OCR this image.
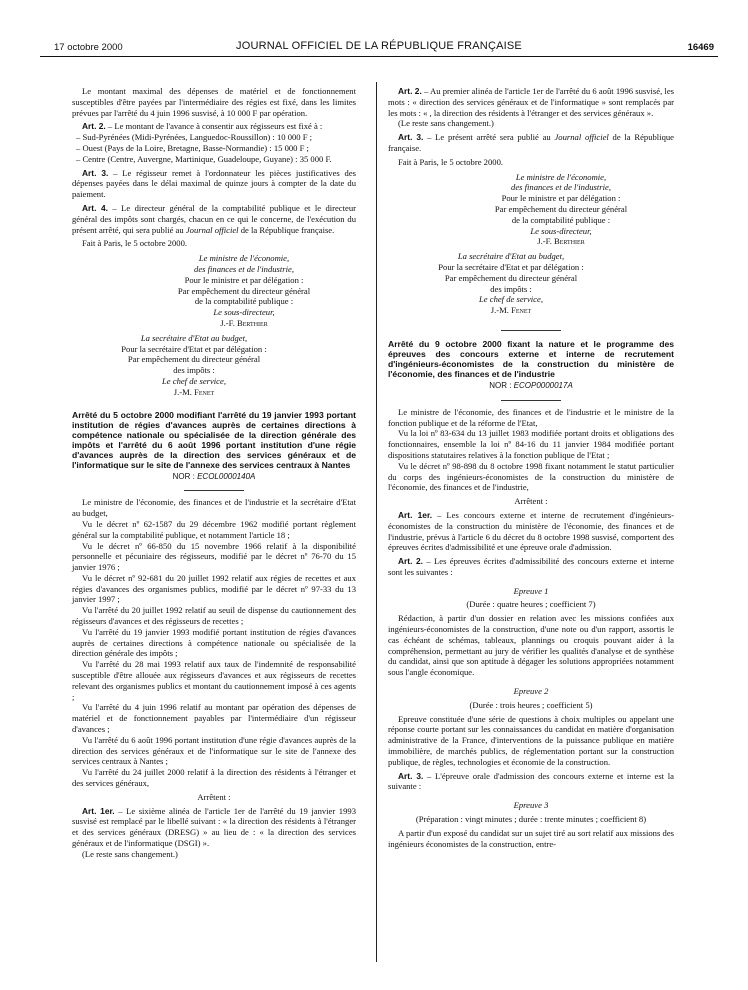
17 octobre 2000	JOURNAL OFFICIEL DE LA RÉPUBLIQUE FRANÇAISE	16469

Le montant maximal des dépenses de matériel et de fonctionnement susceptibles d'être payées par l'intermédiaire des régies est fixé, dans les limites prévues par l'arrêté du 4 juin 1996 susvisé, à 10 000 F par opération.

Art. 2. – Le montant de l'avance à consentir aux régisseurs est fixé à :

– Sud-Pyrénées (Midi-Pyrénées, Languedoc-Roussillon) : 10 000 F ;

– Ouest (Pays de la Loire, Bretagne, Basse-Normandie) : 15 000 F ;

– Centre (Centre, Auvergne, Martinique, Guadeloupe, Guyane) : 35 000 F.

Art. 3. – Le régisseur remet à l'ordonnateur les pièces justificatives des dépenses payées dans le délai maximal de quinze jours à compter de la date du paiement.

Art. 4. – Le directeur général de la comptabilité publique et le directeur général des impôts sont chargés, chacun en ce qui le concerne, de l'exécution du présent arrêté, qui sera publié au Journal officiel de la République française.

Fait à Paris, le 5 octobre 2000.

Le ministre de l'économie,
des finances et de l'industrie,
Pour le ministre et par délégation :
Par empêchement du directeur général
de la comptabilité publique :
Le sous-directeur,
J.-F. Berthier
La secrétaire d'Etat au budget,
Pour la secrétaire d'Etat et par délégation :
Par empêchement du directeur général
des impôts :
Le chef de service,
J.-M. Fenet

Arrêté du 5 octobre 2000 modifiant l'arrêté du 19 janvier 1993 portant institution de régies d'avances auprès de certaines directions à compétence nationale ou spécialisée de la direction générale des impôts et l'arrêté du 6 août 1996 portant institution d'une régie d'avances auprès de la direction des services généraux et de l'informatique sur le site de l'annexe des services centraux à Nantes

NOR : ECOL0000140A

Le ministre de l'économie, des finances et de l'industrie et la secrétaire d'Etat au budget,

Vu le décret nº 62-1587 du 29 décembre 1962 modifié portant règlement général sur la comptabilité publique, et notamment l'article 18 ;

Vu le décret nº 66-850 du 15 novembre 1966 relatif à la disponibilité personnelle et pécuniaire des régisseurs, modifié par le décret nº 76-70 du 15 janvier 1976 ;

Vu le décret nº 92-681 du 20 juillet 1992 relatif aux régies de recettes et aux régies d'avances des organismes publics, modifié par le décret nº 97-33 du 13 janvier 1997 ;

Vu l'arrêté du 20 juillet 1992 relatif au seuil de dispense du cautionnement des régisseurs d'avances et des régisseurs de recettes ;

Vu l'arrêté du 19 janvier 1993 modifié portant institution de régies d'avances auprès de certaines directions à compétence nationale ou spécialisée de la direction générale des impôts ;

Vu l'arrêté du 28 mai 1993 relatif aux taux de l'indemnité de responsabilité susceptible d'être allouée aux régisseurs d'avances et aux régisseurs de recettes relevant des organismes publics et montant du cautionnement imposé à ces agents ;

Vu l'arrêté du 4 juin 1996 relatif au montant par opération des dépenses de matériel et de fonctionnement payables par l'intermédiaire d'un régisseur d'avances ;

Vu l'arrêté du 6 août 1996 portant institution d'une régie d'avances auprès de la direction des services généraux et de l'informatique sur le site de l'annexe des services centraux à Nantes ;

Vu l'arrêté du 24 juillet 2000 relatif à la direction des résidents à l'étranger et des services généraux,

Arrêtent :

Art. 1er. – Le sixième alinéa de l'article 1er de l'arrêté du 19 janvier 1993 susvisé est remplacé par le libellé suivant : « la direction des résidents à l'étranger et des services généraux (DRESG) » au lieu de : « la direction des services généraux et de l'informatique (DSGI) ».

(Le reste sans changement.)

Art. 2. – Au premier alinéa de l'article 1er de l'arrêté du 6 août 1996 susvisé, les mots : « direction des services généraux et de l'informatique » sont remplacés par les mots : « , la direction des résidents à l'étranger et des services généraux ».

(Le reste sans changement.)

Art. 3. – Le présent arrêté sera publié au Journal officiel de la République française.

Fait à Paris, le 5 octobre 2000.

Le ministre de l'économie,
des finances et de l'industrie,
Pour le ministre et par délégation :
Par empêchement du directeur général
de la comptabilité publique :
Le sous-directeur,
J.-F. Berthier
La secrétaire d'Etat au budget,
Pour la secrétaire d'Etat et par délégation :
Par empêchement du directeur général
des impôts :
Le chef de service,
J.-M. Fenet

Arrêté du 9 octobre 2000 fixant la nature et le programme des épreuves des concours externe et interne de recrutement d'ingénieurs-économistes de la construction du ministère de l'économie, des finances et de l'industrie

NOR : ECOP0000017A

Le ministre de l'économie, des finances et de l'industrie et le ministre de la fonction publique et de la réforme de l'Etat,

Vu la loi nº 83-634 du 13 juillet 1983 modifiée portant droits et obligations des fonctionnaires, ensemble la loi nº 84-16 du 11 janvier 1984 modifiée portant dispositions statutaires relatives à la fonction publique de l'Etat ;

Vu le décret nº 98-898 du 8 octobre 1998 fixant notamment le statut particulier du corps des ingénieurs-économistes de la construction du ministère de l'économie, des finances et de l'industrie,

Arrêtent :

Art. 1er. – Les concours externe et interne de recrutement d'ingénieurs-économistes de la construction du ministère de l'économie, des finances et de l'industrie, prévus à l'article 6 du décret du 8 octobre 1998 susvisé, comportent des épreuves écrites d'admissibilité et une épreuve orale d'admission.

Art. 2. – Les épreuves écrites d'admissibilité des concours externe et interne sont les suivantes :

Epreuve 1

(Durée : quatre heures ; coefficient 7)

Rédaction, à partir d'un dossier en relation avec les missions confiées aux ingénieurs-économistes de la construction, d'une note ou d'un rapport, assortis le cas échéant de schémas, tableaux, plannings ou croquis pouvant aider à la compréhension, permettant au jury de vérifier les qualités d'analyse et de synthèse du candidat, ainsi que son aptitude à dégager les solutions appropriées notamment sous l'angle économique.

Epreuve 2

(Durée : trois heures ; coefficient 5)

Epreuve constituée d'une série de questions à choix multiples ou appelant une réponse courte portant sur les connaissances du candidat en matière d'organisation administrative de la France, d'interventions de la puissance publique en matière immobilière, de marchés publics, de réglementation portant sur la construction publique, de règles, technologies et économie de la construction.

Art. 3. – L'épreuve orale d'admission des concours externe et interne est la suivante :

Epreuve 3

(Préparation : vingt minutes ; durée : trente minutes ; coefficient 8)

A partir d'un exposé du candidat sur un sujet tiré au sort relatif aux missions des ingénieurs économistes de la construction, entre-
